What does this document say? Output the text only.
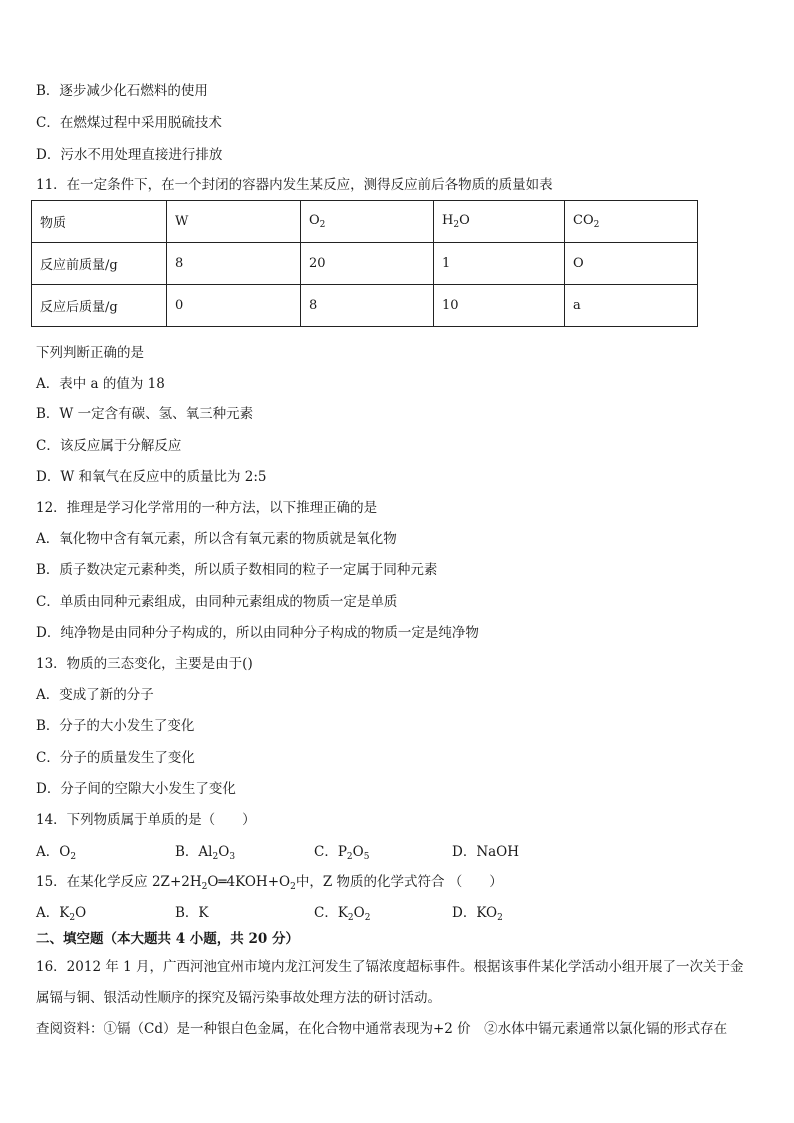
B．逐步减少化石燃料的使用
C．在燃煤过程中采用脱硫技术
D．污水不用处理直接进行排放
11．在一定条件下，在一个封闭的容器内发生某反应，测得反应前后各物质的质量如表
物质	W	$O_2$	$H_2O$	$CO_2$
反应前质量/g	8	20	1	O
反应后质量/g	0	8	10	a
下列判断正确的是
A．表中 a 的值为 18
B．W 一定含有碳、氢、氧三种元素
C．该反应属于分解反应
D．W 和氧气在反应中的质量比为 2:5
12．推理是学习化学常用的一种方法，以下推理正确的是
A．氧化物中含有氧元素，所以含有氧元素的物质就是氧化物
B．质子数决定元素种类，所以质子数相同的粒子一定属于同种元素
C．单质由同种元素组成，由同种元素组成的物质一定是单质
D．纯净物是由同种分子构成的，所以由同种分子构成的物质一定是纯净物
13．物质的三态变化，主要是由于()
A．变成了新的分子
B．分子的大小发生了变化
C．分子的质量发生了变化
D．分子间的空隙大小发生了变化
14．下列物质属于单质的是（　　）
A．$O_2$	B．$Al_2O_3$	C．$P_2O_5$	D．NaOH
15．在某化学反应 $2Z+2H_2O═4KOH+O_2$中，Z 物质的化学式符合 （　　）
A．$K_2O$	B．K	C．$K_2O_2$	D．$KO_2$
二、填空题（本大题共 4 小题，共 20 分）
16．2012 年 1 月，广西河池宜州市境内龙江河发生了镉浓度超标事件。根据该事件某化学活动小组开展了一次关于金
属镉与铜、银活动性顺序的探究及镉污染事故处理方法的研讨活动。
查阅资料：①镉（Cd）是一种银白色金属，在化合物中通常表现为+2 价　②水体中镉元素通常以氯化镉的形式存在
